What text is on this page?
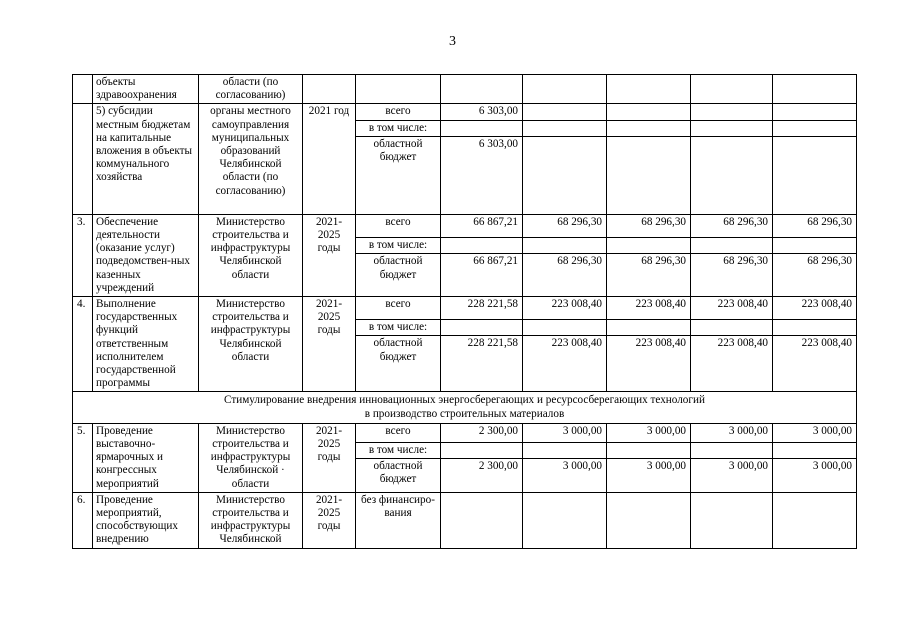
3
	объекты здравоохранения	области (по согласованию)							
	5) субсидии местным бюджетам на капитальные вложения в объекты коммунального хозяйства	органы местного самоуправления муниципальных образований Челябинской области (по согласованию)	2021 год	всего	6 303,00				
				в том числе:					
				областной бюджет	6 303,00				
3.	Обеспечение деятельности (оказание услуг) подведомствен-ных казенных учреждений	Министерство строительства и инфраструктуры Челябинской области	2021-2025 годы	всего	66 867,21	68 296,30	68 296,30	68 296,30	68 296,30
				в том числе:					
				областной бюджет	66 867,21	68 296,30	68 296,30	68 296,30	68 296,30
4.	Выполнение государственных функций ответственным исполнителем государственной программы	Министерство строительства и инфраструктуры Челябинской области	2021-2025 годы	всего	228 221,58	223 008,40	223 008,40	223 008,40	223 008,40
				в том числе:					
				областной бюджет	228 221,58	223 008,40	223 008,40	223 008,40	223 008,40

Стимулирование внедрения инновационных энергосберегающих и ресурсосберегающих технологий
в производство строительных материалов									

5.	Проведение выставочно-ярмарочных и конгрессных мероприятий	Министерство строительства и инфраструктуры Челябинской · области	2021-2025 годы	всего	2 300,00	3 000,00	3 000,00	3 000,00	3 000,00
				в том числе:					
				областной бюджет	2 300,00	3 000,00	3 000,00	3 000,00	3 000,00
6.	Проведение мероприятий, способствующих внедрению	Министерство строительства и инфраструктуры Челябинской	2021-2025 годы	без финансиро-вания					
